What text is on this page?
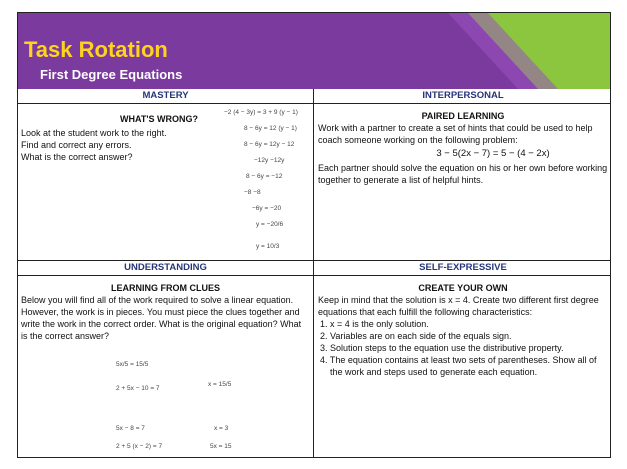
Task Rotation
First Degree Equations
MASTERY
WHAT'S WRONG?
Look at the student work to the right.
Find and correct any errors.
What is the correct answer?
−2 (4 − 3y) = 3 + 9 (y − 1)
8 − 6y = 12 (y − 1)
8 − 6y = 12y − 12
−12y −12y
8 − 6y = −12
−8 −8
−6y = −20
y = −20/6
y = 10/3
INTERPERSONAL
PAIRED LEARNING
Work with a partner to create a set of hints that could be used to help coach someone working on the following problem:
3 − 5(2x − 7) = 5 − (4 − 2x)
Each partner should solve the equation on his or her own before working together to generate a list of helpful hints.
UNDERSTANDING
LEARNING FROM CLUES
Below you will find all of the work required to solve a linear equation. However, the work is in pieces. You must piece the clues together and write the work in the correct order. What is the original equation? What is the correct answer?
5x/5 = 15/5
2 + 5x − 10 = 7
x = 15/5
5x − 8 = 7	x = 3
2 + 5 (x − 2) = 7	5x = 15
SELF-EXPRESSIVE
CREATE YOUR OWN
Keep in mind that the solution is x = 4. Create two different first degree equations that each fulfill the following characteristics:
1. x = 4 is the only solution.
2. Variables are on each side of the equals sign.
3. Solution steps to the equation use the distributive property.
4. The equation contains at least two sets of parentheses. Show all of the work and steps used to generate each equation.
